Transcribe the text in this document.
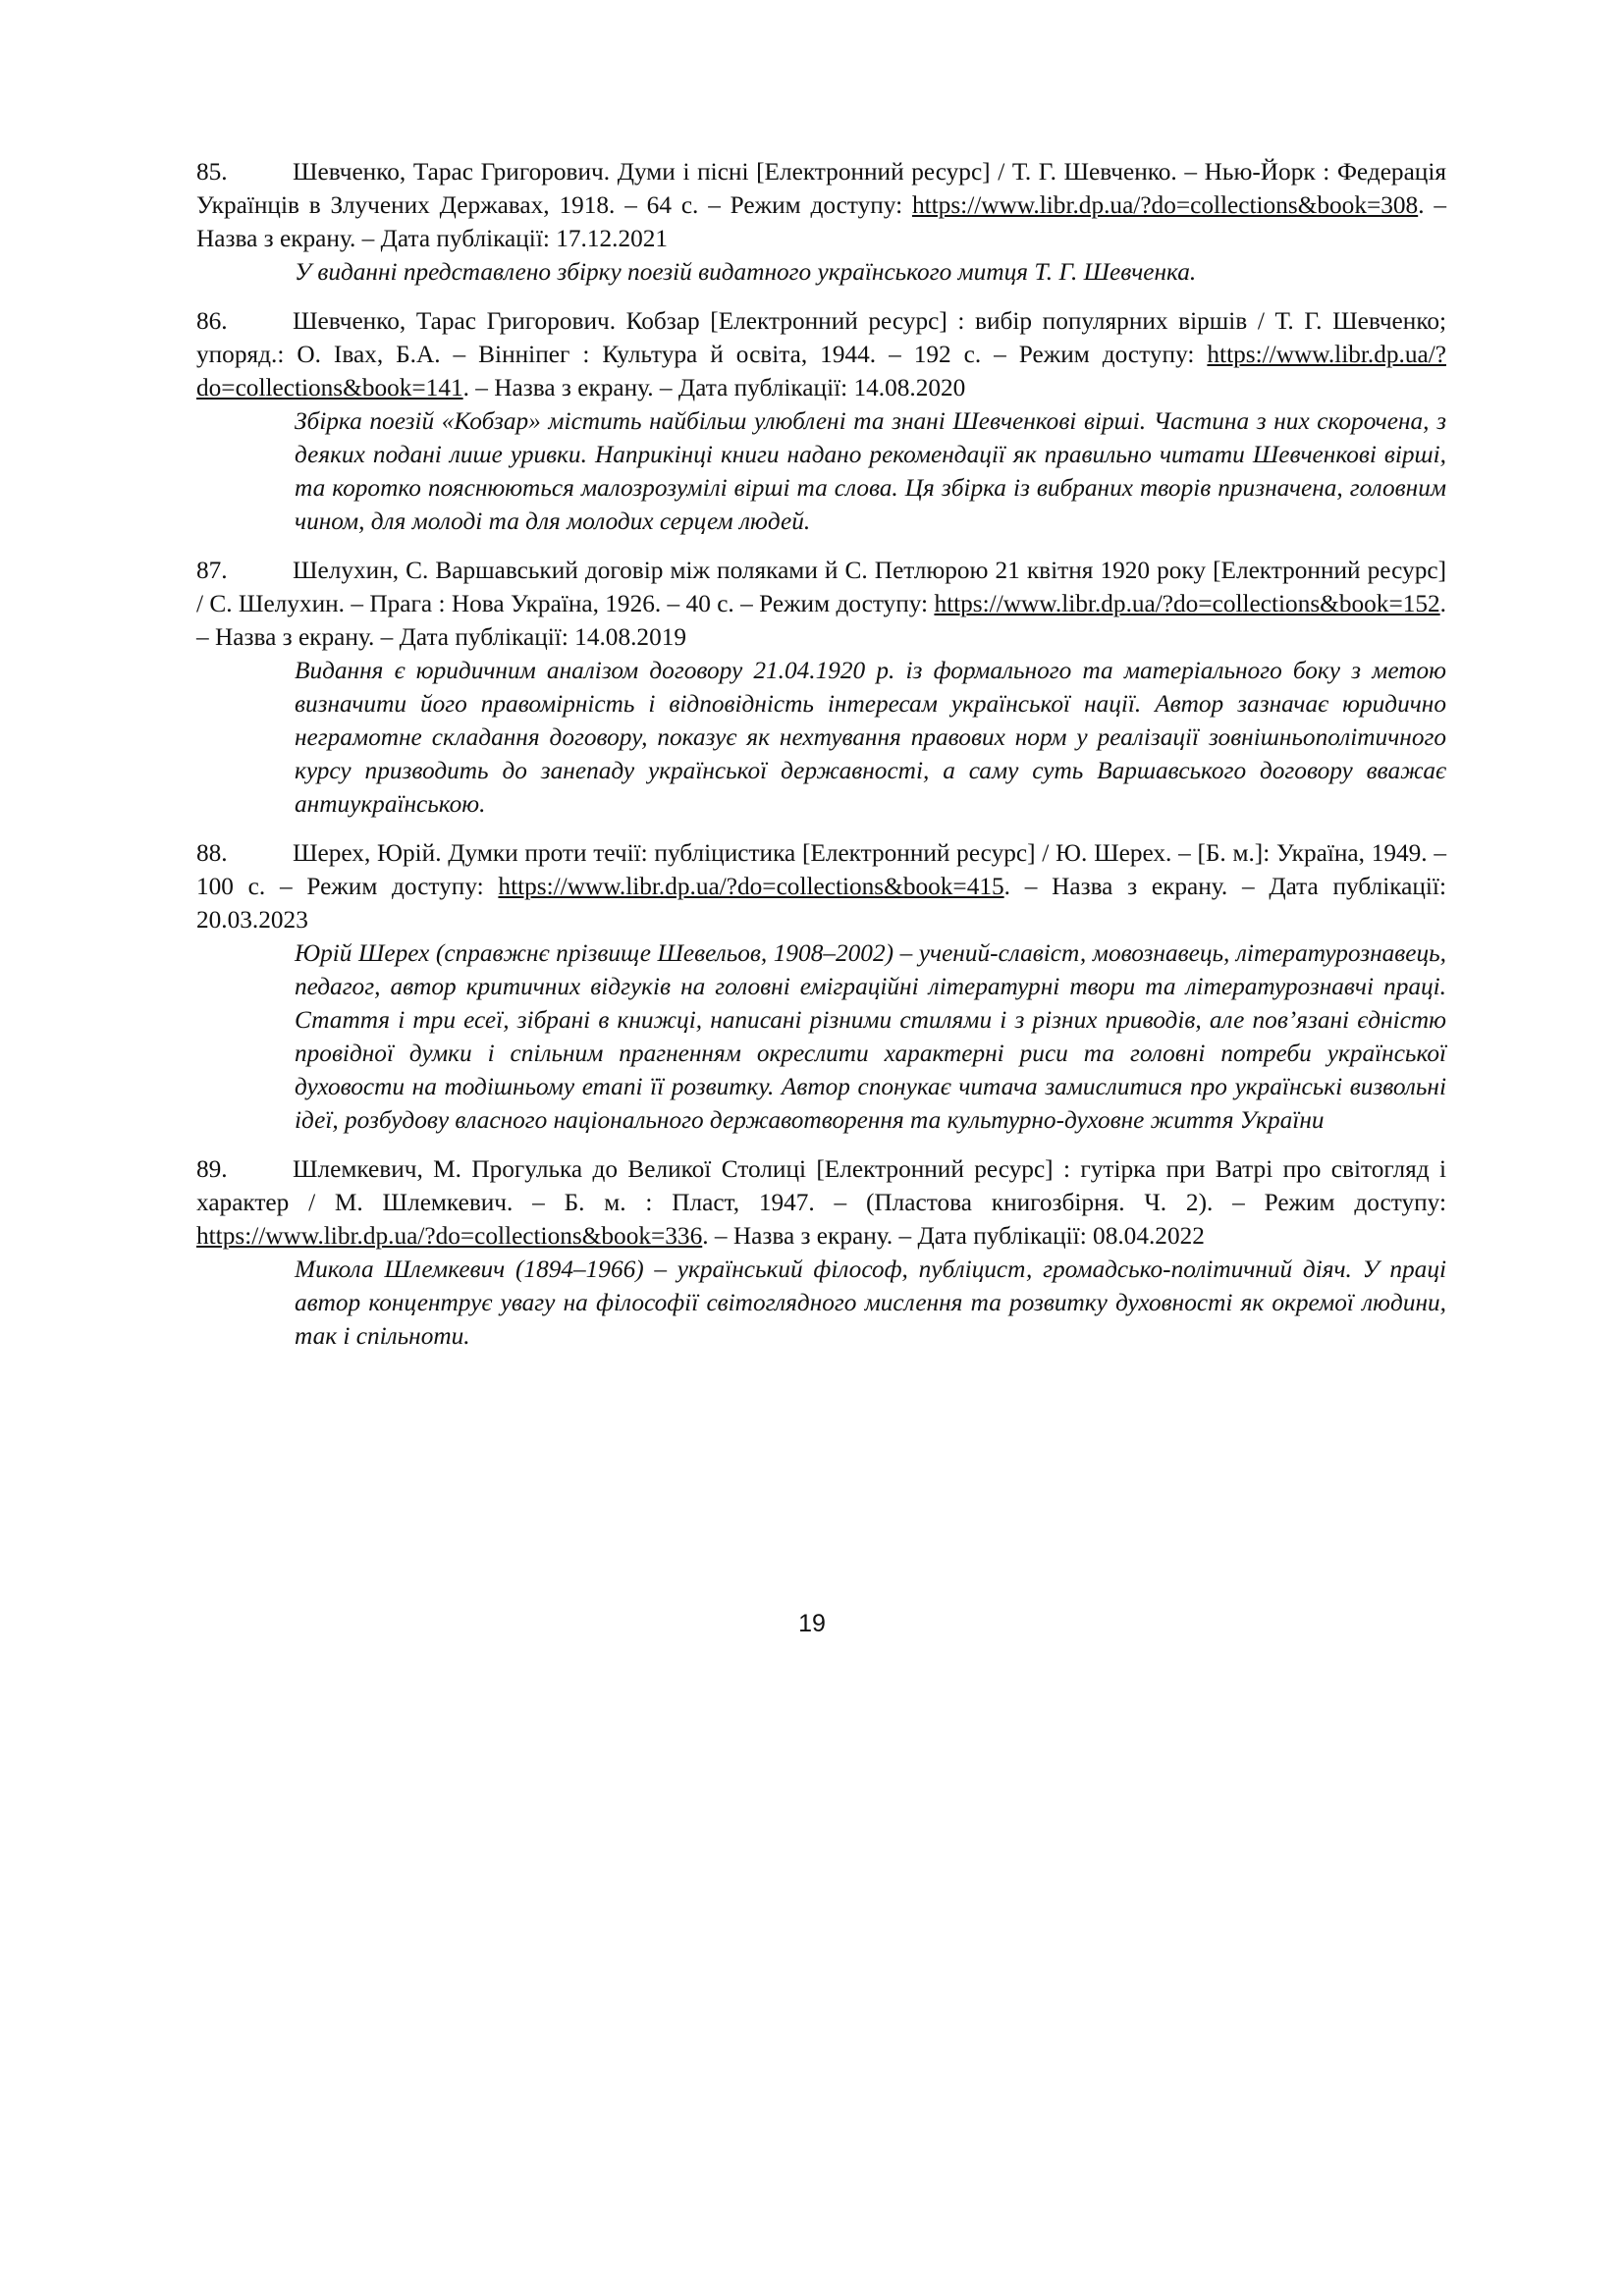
85.	Шевченко, Тарас Григорович. Думи і пісні [Електронний ресурс] / Т. Г. Шевченко. – Нью-Йорк : Федерація Українців в Злучених Державах, 1918. – 64 с. – Режим доступу: https://www.libr.dp.ua/?do=collections&book=308. – Назва з екрану. – Дата публікації: 17.12.2021

У виданні представлено збірку поезій видатного українського митця Т. Г. Шевченка.

86.	Шевченко, Тарас Григорович. Кобзар [Електронний ресурс] : вибір популярних віршів / Т. Г. Шевченко; упоряд.: О. Івах, Б.А. – Вінніпег : Культура й освіта, 1944. – 192 с. – Режим доступу: https://www.libr.dp.ua/?do=collections&book=141. – Назва з екрану. – Дата публікації: 14.08.2020

Збірка поезій «Кобзар» містить найбільш улюблені та знані Шевченкові вірші. Частина з них скорочена, з деяких подані лише уривки. Наприкінці книги надано рекомендації як правильно читати Шевченкові вірші, та коротко пояснюються малозрозумілі вірші та слова. Ця збірка із вибраних творів призначена, головним чином, для молоді та для молодих серцем людей.

87.	Шелухин, С. Варшавський договір між поляками й С. Петлюрою 21 квітня 1920 року [Електронний ресурс] / С. Шелухин. – Прага : Нова Україна, 1926. – 40 с. – Режим доступу: https://www.libr.dp.ua/?do=collections&book=152. – Назва з екрану. – Дата публікації: 14.08.2019

Видання є юридичним аналізом договору 21.04.1920 р. із формального та матеріального боку з метою визначити його правомірність і відповідність інтересам української нації. Автор зазначає юридично неграмотне складання договору, показує як нехтування правових норм у реалізації зовнішньополітичного курсу призводить до занепаду української державності, а саму суть Варшавського договору вважає антиукраїнською.

88.	Шерех, Юрій. Думки проти течії: публіцистика [Електронний ресурс] / Ю. Шерех. – [Б. м.]: Україна, 1949. – 100 с. – Режим доступу: https://www.libr.dp.ua/?do=collections&book=415. – Назва з екрану. – Дата публікації: 20.03.2023

Юрій Шерех (справжнє прізвище Шевельов, 1908–2002) – учений-славіст, мовознавець, літературознавець, педагог, автор критичних відгуків на головні еміграційні літературні твори та літературознавчі праці. Стаття і три есеї, зібрані в книжці, написані різними стилями і з різних приводів, але пов’язані єдністю провідної думки і спільним прагненням окреслити характерні риси та головні потреби української духовости на тодішньому етапі її розвитку. Автор спонукає читача замислитися про українські визвольні ідеї, розбудову власного національного державотворення та культурно-духовне життя України

89.	Шлемкевич, М. Прогулька до Великої Столиці [Електронний ресурс] : гутірка при Ватрі про світогляд і характер / М. Шлемкевич. – Б. м. : Пласт, 1947. – (Пластова книгозбірня. Ч. 2). – Режим доступу: https://www.libr.dp.ua/?do=collections&book=336. – Назва з екрану. – Дата публікації: 08.04.2022

Микола Шлемкевич (1894–1966) – український філософ, публіцист, громадсько-політичний діяч. У праці автор концентрує увагу на філософії світоглядного мислення та розвитку духовності як окремої людини, так і спільноти.

19
